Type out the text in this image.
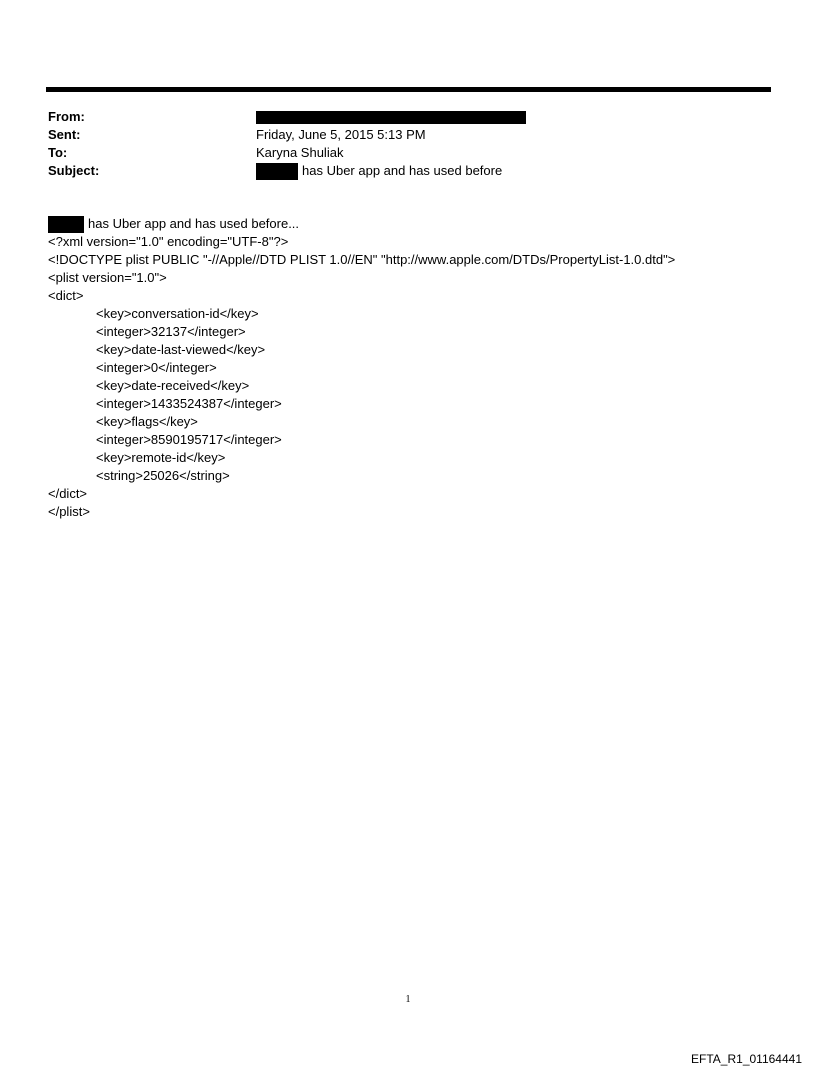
From:
Sent:	Friday, June 5, 2015 5:13 PM
To:	Karyna Shuliak
Subject:	has Uber app and has used before
has Uber app and has used before...
<?xml version="1.0" encoding="UTF-8"?>
<!DOCTYPE plist PUBLIC "-//Apple//DTD PLIST 1.0//EN" "http://www.apple.com/DTDs/PropertyList-1.0.dtd">
<plist version="1.0">
<dict>
<key>conversation-id</key>
<integer>32137</integer>
<key>date-last-viewed</key>
<integer>0</integer>
<key>date-received</key>
<integer>1433524387</integer>
<key>flags</key>
<integer>8590195717</integer>
<key>remote-id</key>
<string>25026</string>
</dict>
</plist>
1
EFTA_R1_01164441
